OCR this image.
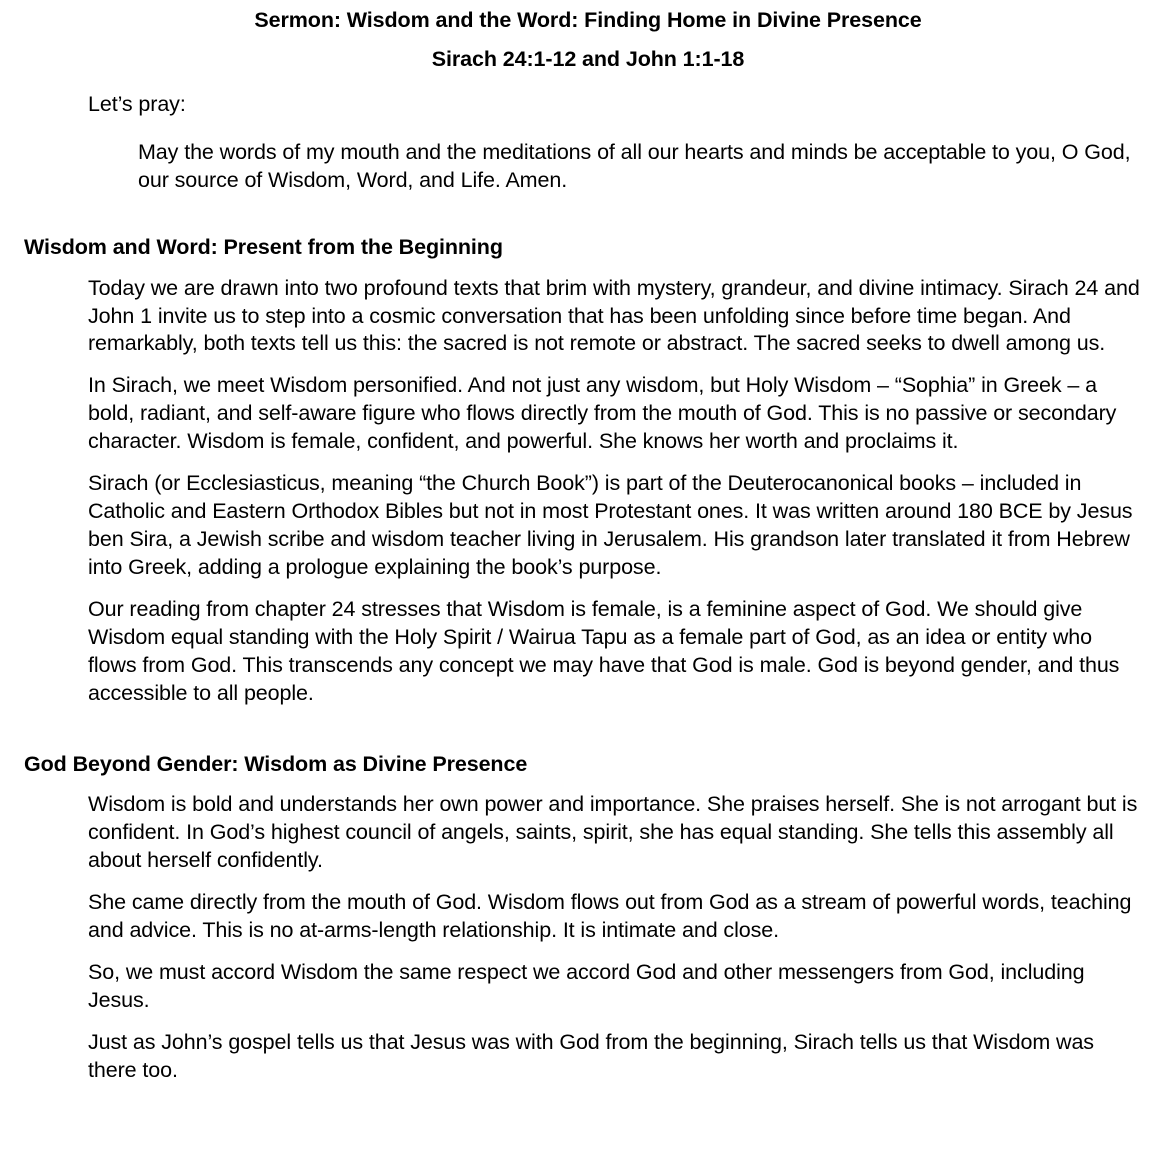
Sermon: Wisdom and the Word: Finding Home in Divine Presence
Sirach 24:1-12 and John 1:1-18

Let’s pray:

May the words of my mouth and the meditations of all our hearts and minds be acceptable to you, O God, our source of Wisdom, Word, and Life. Amen.

Wisdom and Word: Present from the Beginning

Today we are drawn into two profound texts that brim with mystery, grandeur, and divine intimacy. Sirach 24 and John 1 invite us to step into a cosmic conversation that has been unfolding since before time began. And remarkably, both texts tell us this: the sacred is not remote or abstract. The sacred seeks to dwell among us.

In Sirach, we meet Wisdom personified. And not just any wisdom, but Holy Wisdom – “Sophia” in Greek – a bold, radiant, and self-aware figure who flows directly from the mouth of God. This is no passive or secondary character. Wisdom is female, confident, and powerful. She knows her worth and proclaims it.

Sirach (or Ecclesiasticus, meaning “the Church Book”) is part of the Deuterocanonical books – included in Catholic and Eastern Orthodox Bibles but not in most Protestant ones. It was written around 180 BCE by Jesus ben Sira, a Jewish scribe and wisdom teacher living in Jerusalem. His grandson later translated it from Hebrew into Greek, adding a prologue explaining the book’s purpose.

Our reading from chapter 24 stresses that Wisdom is female, is a feminine aspect of God. We should give Wisdom equal standing with the Holy Spirit / Wairua Tapu as a female part of God, as an idea or entity who flows from God. This transcends any concept we may have that God is male. God is beyond gender, and thus accessible to all people.

God Beyond Gender: Wisdom as Divine Presence

Wisdom is bold and understands her own power and importance. She praises herself. She is not arrogant but is confident. In God’s highest council of angels, saints, spirit, she has equal standing. She tells this assembly all about herself confidently.

She came directly from the mouth of God. Wisdom flows out from God as a stream of powerful words, teaching and advice. This is no at-arms-length relationship. It is intimate and close.

So, we must accord Wisdom the same respect we accord God and other messengers from God, including Jesus.

Just as John’s gospel tells us that Jesus was with God from the beginning, Sirach tells us that Wisdom was there too.
